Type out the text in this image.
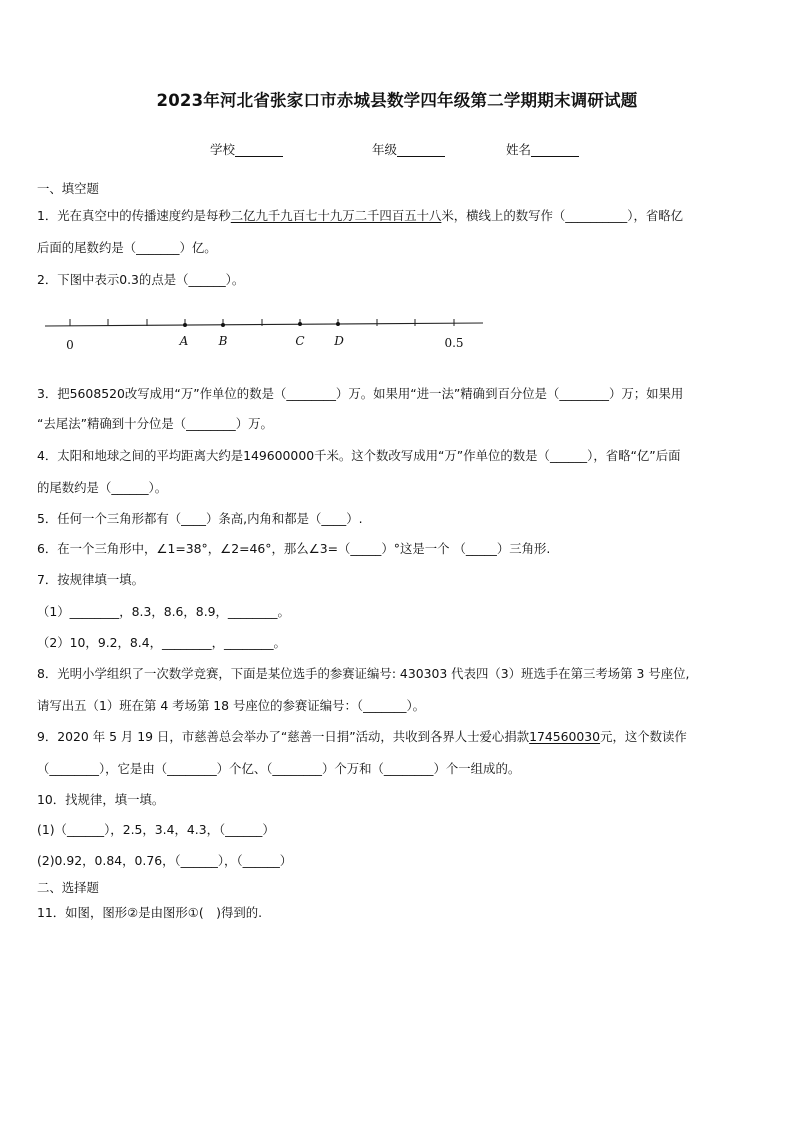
2023年河北省张家口市赤城县数学四年级第二学期期末调研试题
学校	年级	姓名
一、填空题
1．光在真空中的传播速度约是每秒二亿九千九百七十九万二千四百五十八米，横线上的数写作（__________），省略亿
后面的尾数约是（_______）亿。
2．下图中表示0.3的点是（______）。
0	A	B	C D	0.5
3．把5608520改写成用“万”作单位的数是（________）万。如果用“进一法”精确到百分位是（________）万；如果用
“去尾法”精确到十分位是（________）万。
4．太阳和地球之间的平均距离大约是149600000千米。这个数改写成用“万”作单位的数是（______），省略“亿”后面
的尾数约是（______）。
5．任何一个三角形都有（____）条高,内角和都是（____）.
6．在一个三角形中，∠1=38°，∠2=46°，那么∠3=（_____）°这是一个 （_____）三角形.
7．按规律填一填。
（1）________，8.3，8.6，8.9，________。
（2）10，9.2，8.4，________，________。
8．光明小学组织了一次数学竞赛，下面是某位选手的参赛证编号: 430303 代表四（3）班选手在第三考场第 3 号座位,
请写出五（1）班在第 4 考场第 18 号座位的参赛证编号：（_______）。
9．2020 年 5 月 19 日，市慈善总会举办了“慈善一日捐”活动，共收到各界人士爱心捐款174560030元，这个数读作
（________），它是由（________）个亿、（________）个万和（________）个一组成的。
10．找规律，填一填。
(1)（______），2.5，3.4，4.3，（______）
(2)0.92，0.84，0.76，（______），（______）
二、选择题
11．如图，图形②是由图形①(　)得到的.
